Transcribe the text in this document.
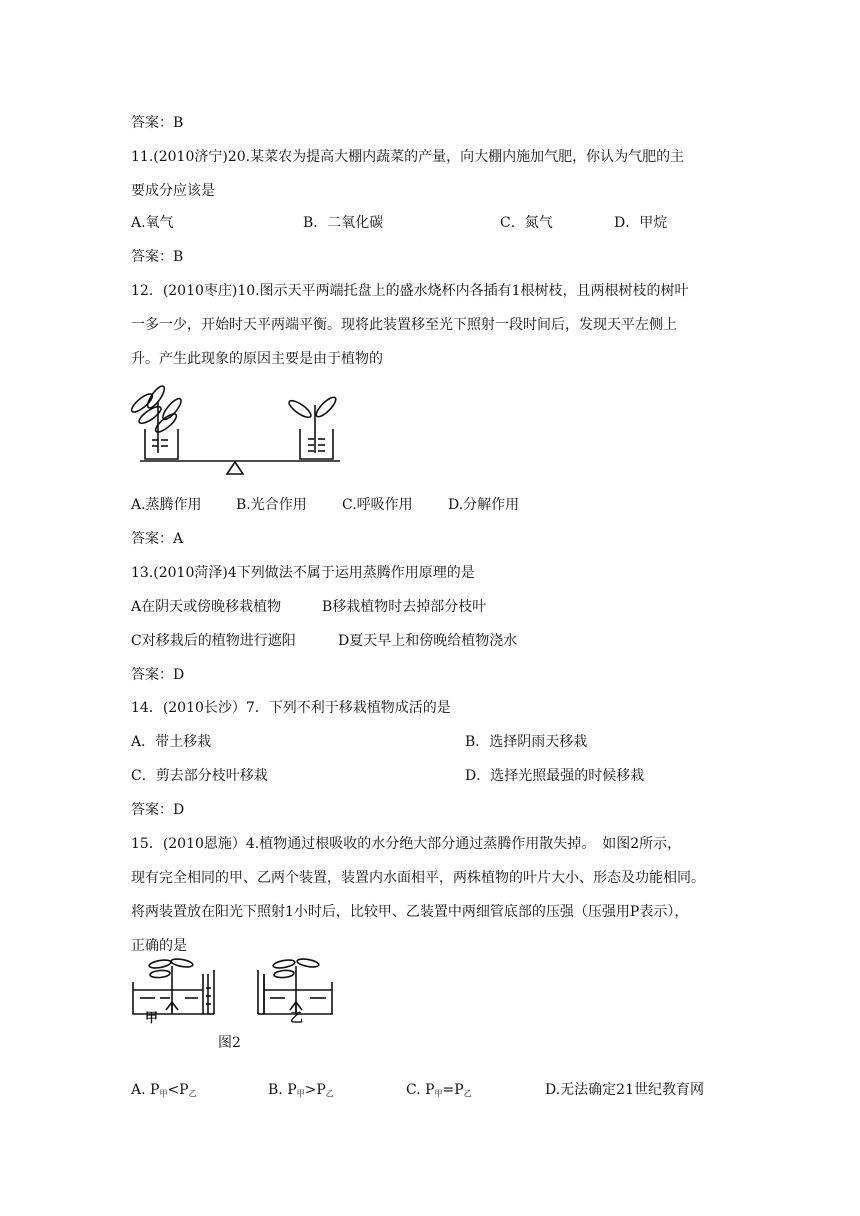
答案：B
11.(2010济宁)20.某菜农为提高大棚内蔬菜的产量，向大棚内施加气肥，你认为气肥的主
要成分应该是
A.氧气	B．二氧化碳	C．氮气	D．甲烷
答案：B
12．(2010枣庄)10.图示天平两端托盘上的盛水烧杯内各插有1根树枝，且两根树枝的树叶
一多一少，开始时天平两端平衡。现将此装置移至光下照射一段时间后，发现天平左侧上
升。产生此现象的原因主要是由于植物的
A.蒸腾作用 B.光合作用	C.呼吸作用	D.分解作用
答案：A
13.(2010菏泽)4下列做法不属于运用蒸腾作用原理的是
A在阴天或傍晚移栽植物	B移栽植物时去掉部分枝叶
C对移栽后的植物进行遮阳	D夏天早上和傍晚给植物浇水
答案：D
14．(2010长沙）7．下列不利于移栽植物成活的是
A．带土移栽	B．选择阴雨天移栽
C．剪去部分枝叶移栽	D．选择光照最强的时候移栽
答案：D
15．(2010恩施）4.植物通过根吸收的水分绝大部分通过蒸腾作用散失掉。　如图2所示，
现有完全相同的甲、乙两个装置，装置内水面相平，两株植物的叶片大小、形态及功能相同。
将两装置放在阳光下照射1小时后，比较甲、乙装置中两细管底部的压强（压强用P表示），
正确的是
甲	乙
图2
A. $P_甲<P_乙$	B. $P_甲>P_乙$	C. $P_甲=P_乙$	D.无法确定21世纪教育网
